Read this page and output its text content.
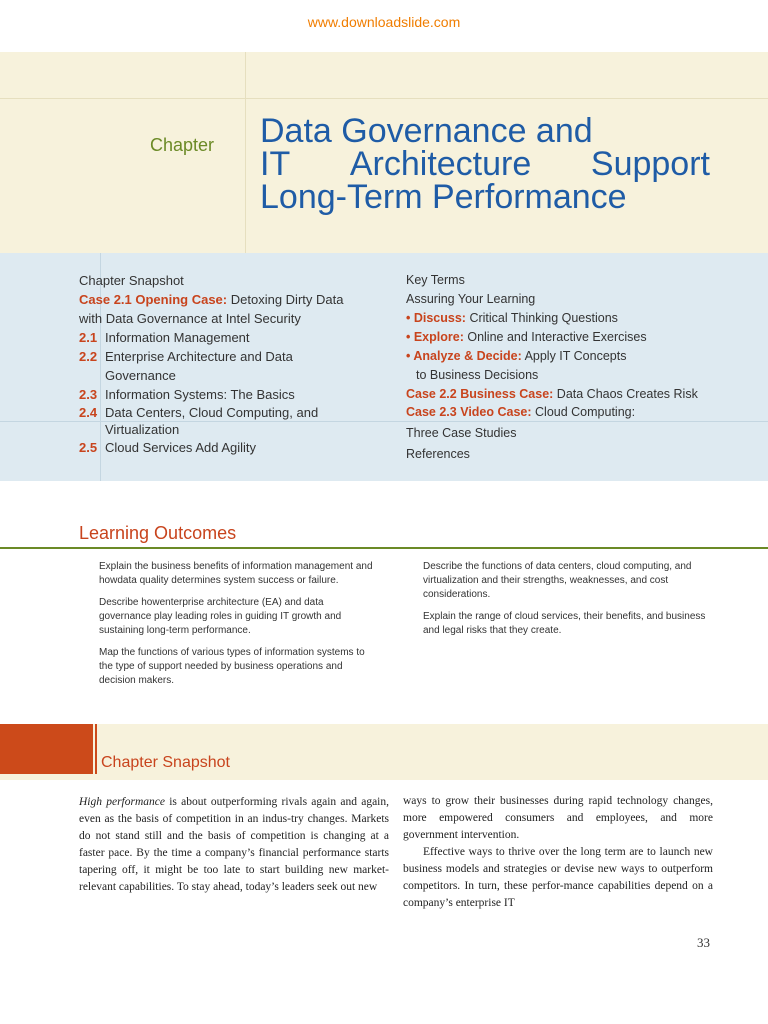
www.downloadslide.com
Chapter Data Governance and
IT Architecture Support
Long-Term Performance
Chapter Snapshot
Case 2.1 Opening Case: Detoxing Dirty Data
with Data Governance at Intel Security
2.1 Information Management
2.2 Enterprise Architecture and Data
Governance
2.3 Information Systems: The Basics
2.4 Data Centers, Cloud Computing, and
Virtualization
2.5 Cloud Services Add Agility
Key Terms
Assuring Your Learning
• Discuss: Critical Thinking Questions
• Explore: Online and Interactive Exercises
• Analyze & Decide: Apply IT Concepts
to Business Decisions
Case 2.2 Business Case: Data Chaos Creates Risk
Case 2.3 Video Case: Cloud Computing:
Three Case Studies
References
Learning Outcomes

Explain the business benefits of information management and howdata quality determines system success or failure.

Describe howenterprise architecture (EA) and data governance play leading roles in guiding IT growth and sustaining long-term performance.

Map the functions of various types of information systems to the type of support needed by business operations and decision makers.

Describe the functions of data centers, cloud computing, and virtualization and their strengths, weaknesses, and cost considerations.

Explain the range of cloud services, their benefits, and business and legal risks that they create.

Chapter Snapshot

High performance is about outperforming rivals again and again, even as the basis of competition in an indus-try changes. Markets do not stand still and the basis of competition is changing at a faster pace. By the time a company’s financial performance starts tapering off, it might be too late to start building new market-relevant capabilities. To stay ahead, today’s leaders seek out new

ways to grow their businesses during rapid technology changes, more empowered consumers and employees, and more government intervention.

Effective ways to thrive over the long term are to launch new business models and strategies or devise new ways to outperform competitors. In turn, these perfor-mance capabilities depend on a company’s enterprise IT

33
